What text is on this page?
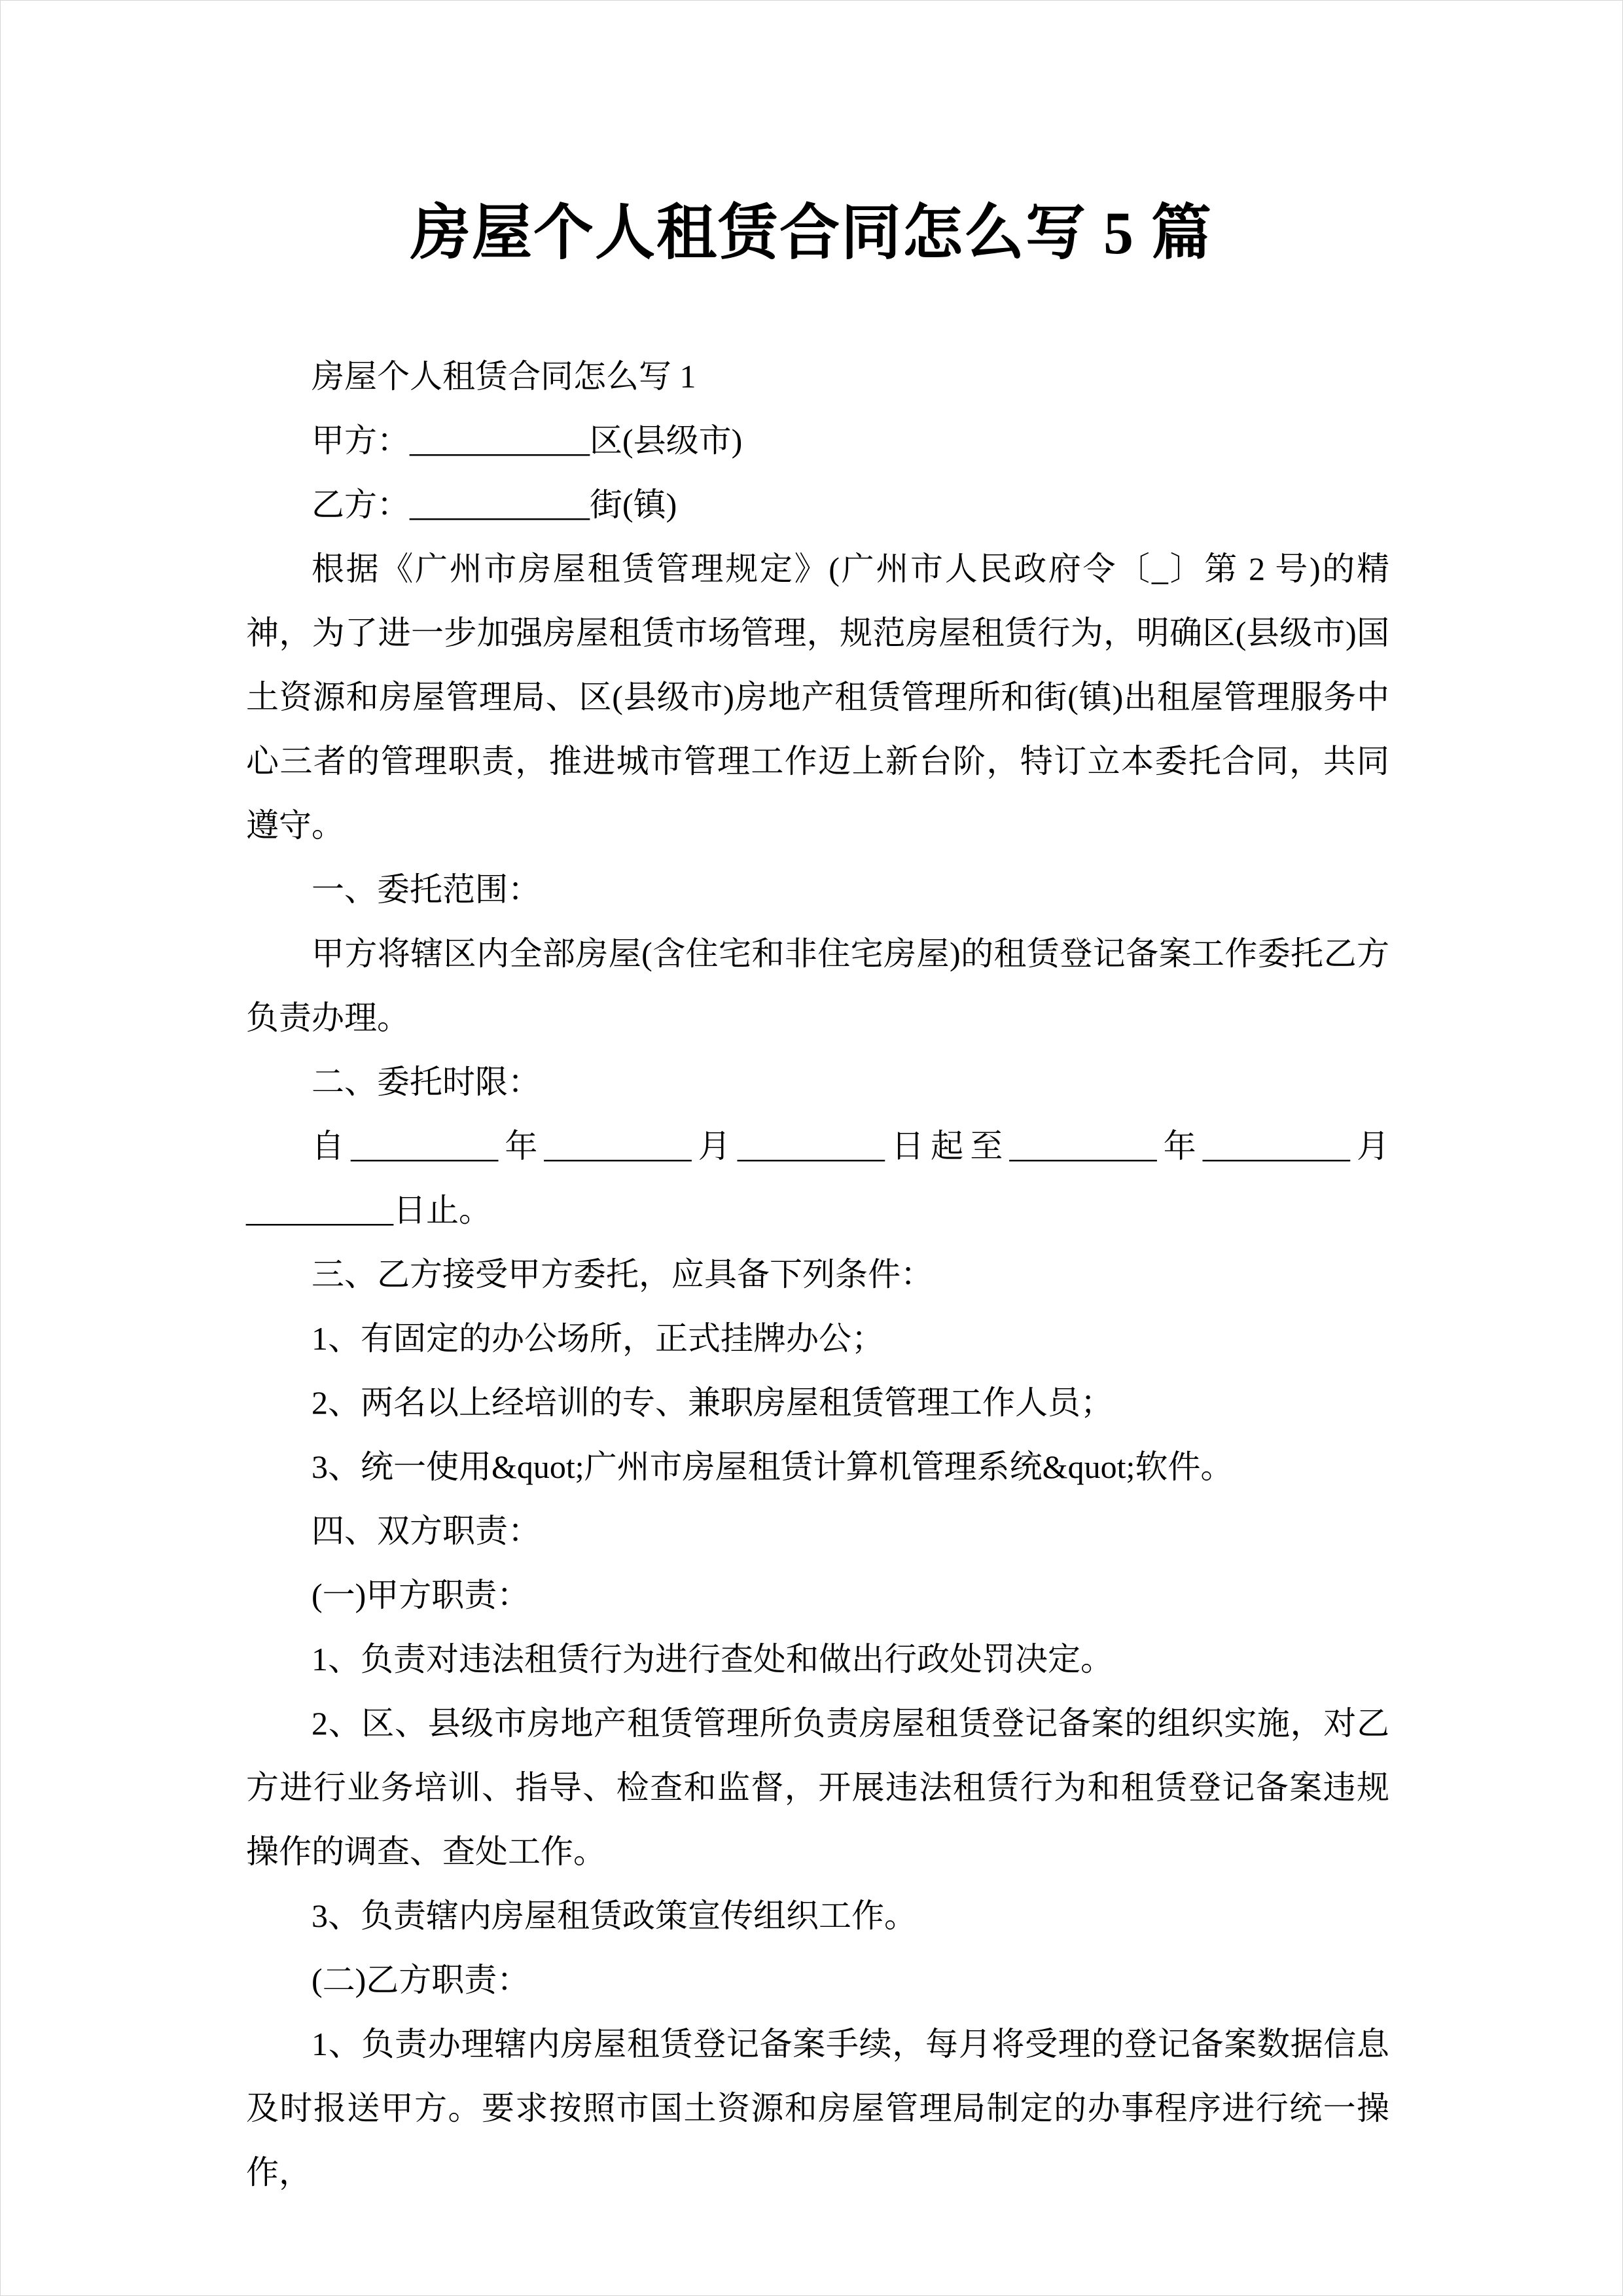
房屋个人租赁合同怎么写 5 篇

房屋个人租赁合同怎么写 1

甲方：___________区(县级市)

乙方：___________街(镇)

根据《广州市房屋租赁管理规定》(广州市人民政府令〔_〕第 2 号)的精神，为了进一步加强房屋租赁市场管理，规范房屋租赁行为，明确区(县级市)国土资源和房屋管理局、区(县级市)房地产租赁管理所和街(镇)出租屋管理服务中心三者的管理职责，推进城市管理工作迈上新台阶，特订立本委托合同，共同遵守。

一、委托范围：

甲方将辖区内全部房屋(含住宅和非住宅房屋)的租赁登记备案工作委托乙方负责办理。

二、委托时限：

自_________年_________月_________日起至_________年_________月_________日止。

三、乙方接受甲方委托，应具备下列条件：

1、有固定的办公场所，正式挂牌办公；

2、两名以上经培训的专、兼职房屋租赁管理工作人员；

3、统一使用&quot;广州市房屋租赁计算机管理系统&quot;软件。

四、双方职责：

(一)甲方职责：

1、负责对违法租赁行为进行查处和做出行政处罚决定。

2、区、县级市房地产租赁管理所负责房屋租赁登记备案的组织实施，对乙方进行业务培训、指导、检查和监督，开展违法租赁行为和租赁登记备案违规操作的调查、查处工作。

3、负责辖内房屋租赁政策宣传组织工作。

(二)乙方职责：

1、负责办理辖内房屋租赁登记备案手续，每月将受理的登记备案数据信息及时报送甲方。要求按照市国土资源和房屋管理局制定的办事程序进行统一操作，
